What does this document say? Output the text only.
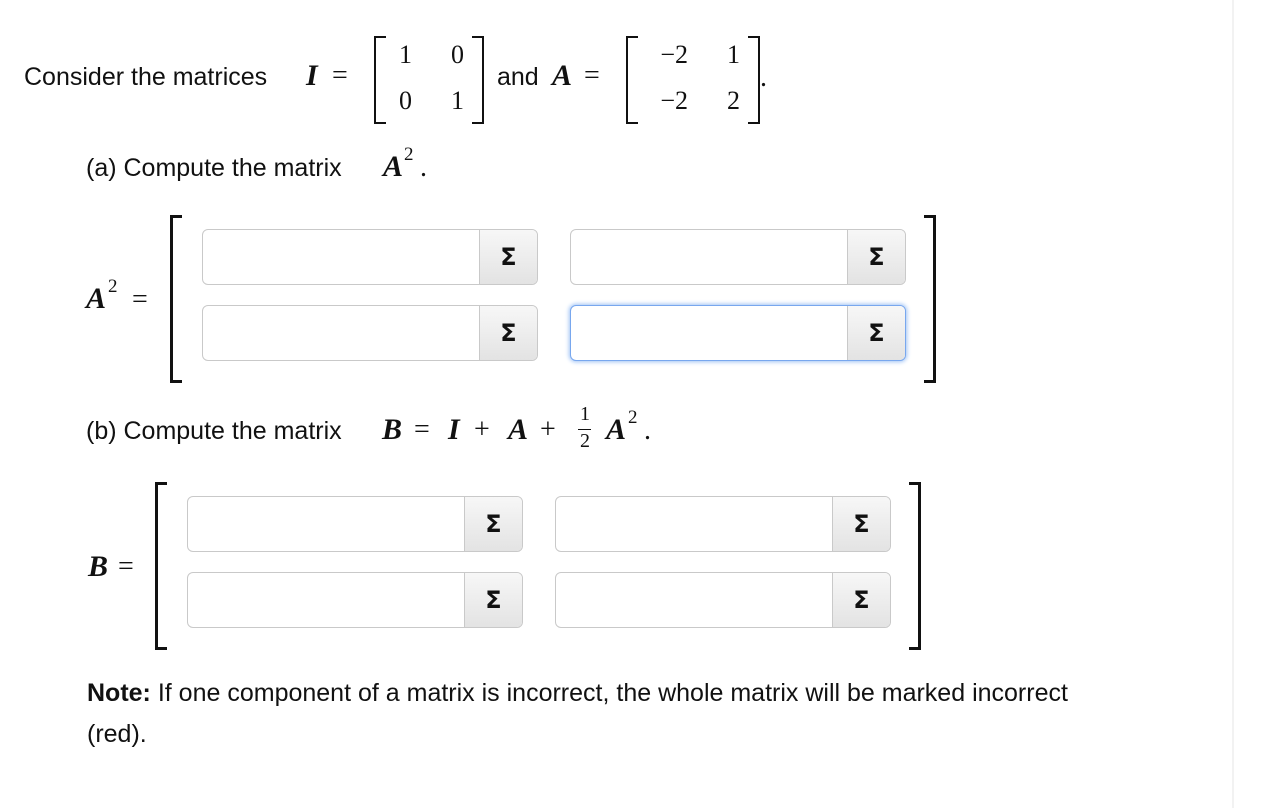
Consider the matrices I =
1	0
0	1
and A =
−2	1
−2	2
.
(a) Compute the matrix A 2 .
A 2 =
Σ	Σ
Σ	Σ
(b) Compute the matrix B = I + A + 1
2 A 2 .
B =
Σ	Σ
Σ	Σ
Note: If one component of a matrix is incorrect, the whole matrix will be marked incorrect
(red).
